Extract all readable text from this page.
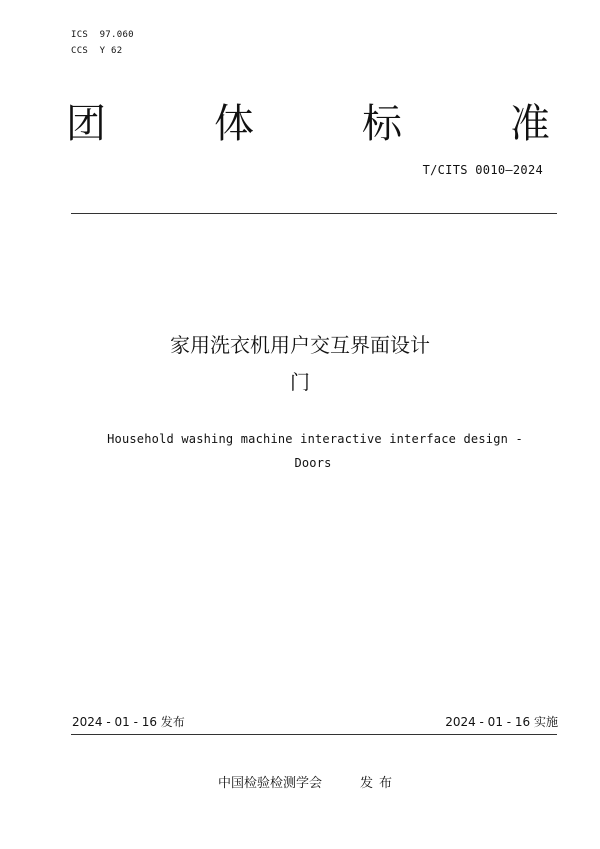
ICS  97.060
CCS  Y 62
团	体	标	准
T/CITS 0010—2024
家用洗衣机用户交互界面设计
门
Household washing machine interactive interface design -
Doors
2024 - 01 - 16 发布	2024 - 01 - 16 实施
中国检验检测学会	发布
